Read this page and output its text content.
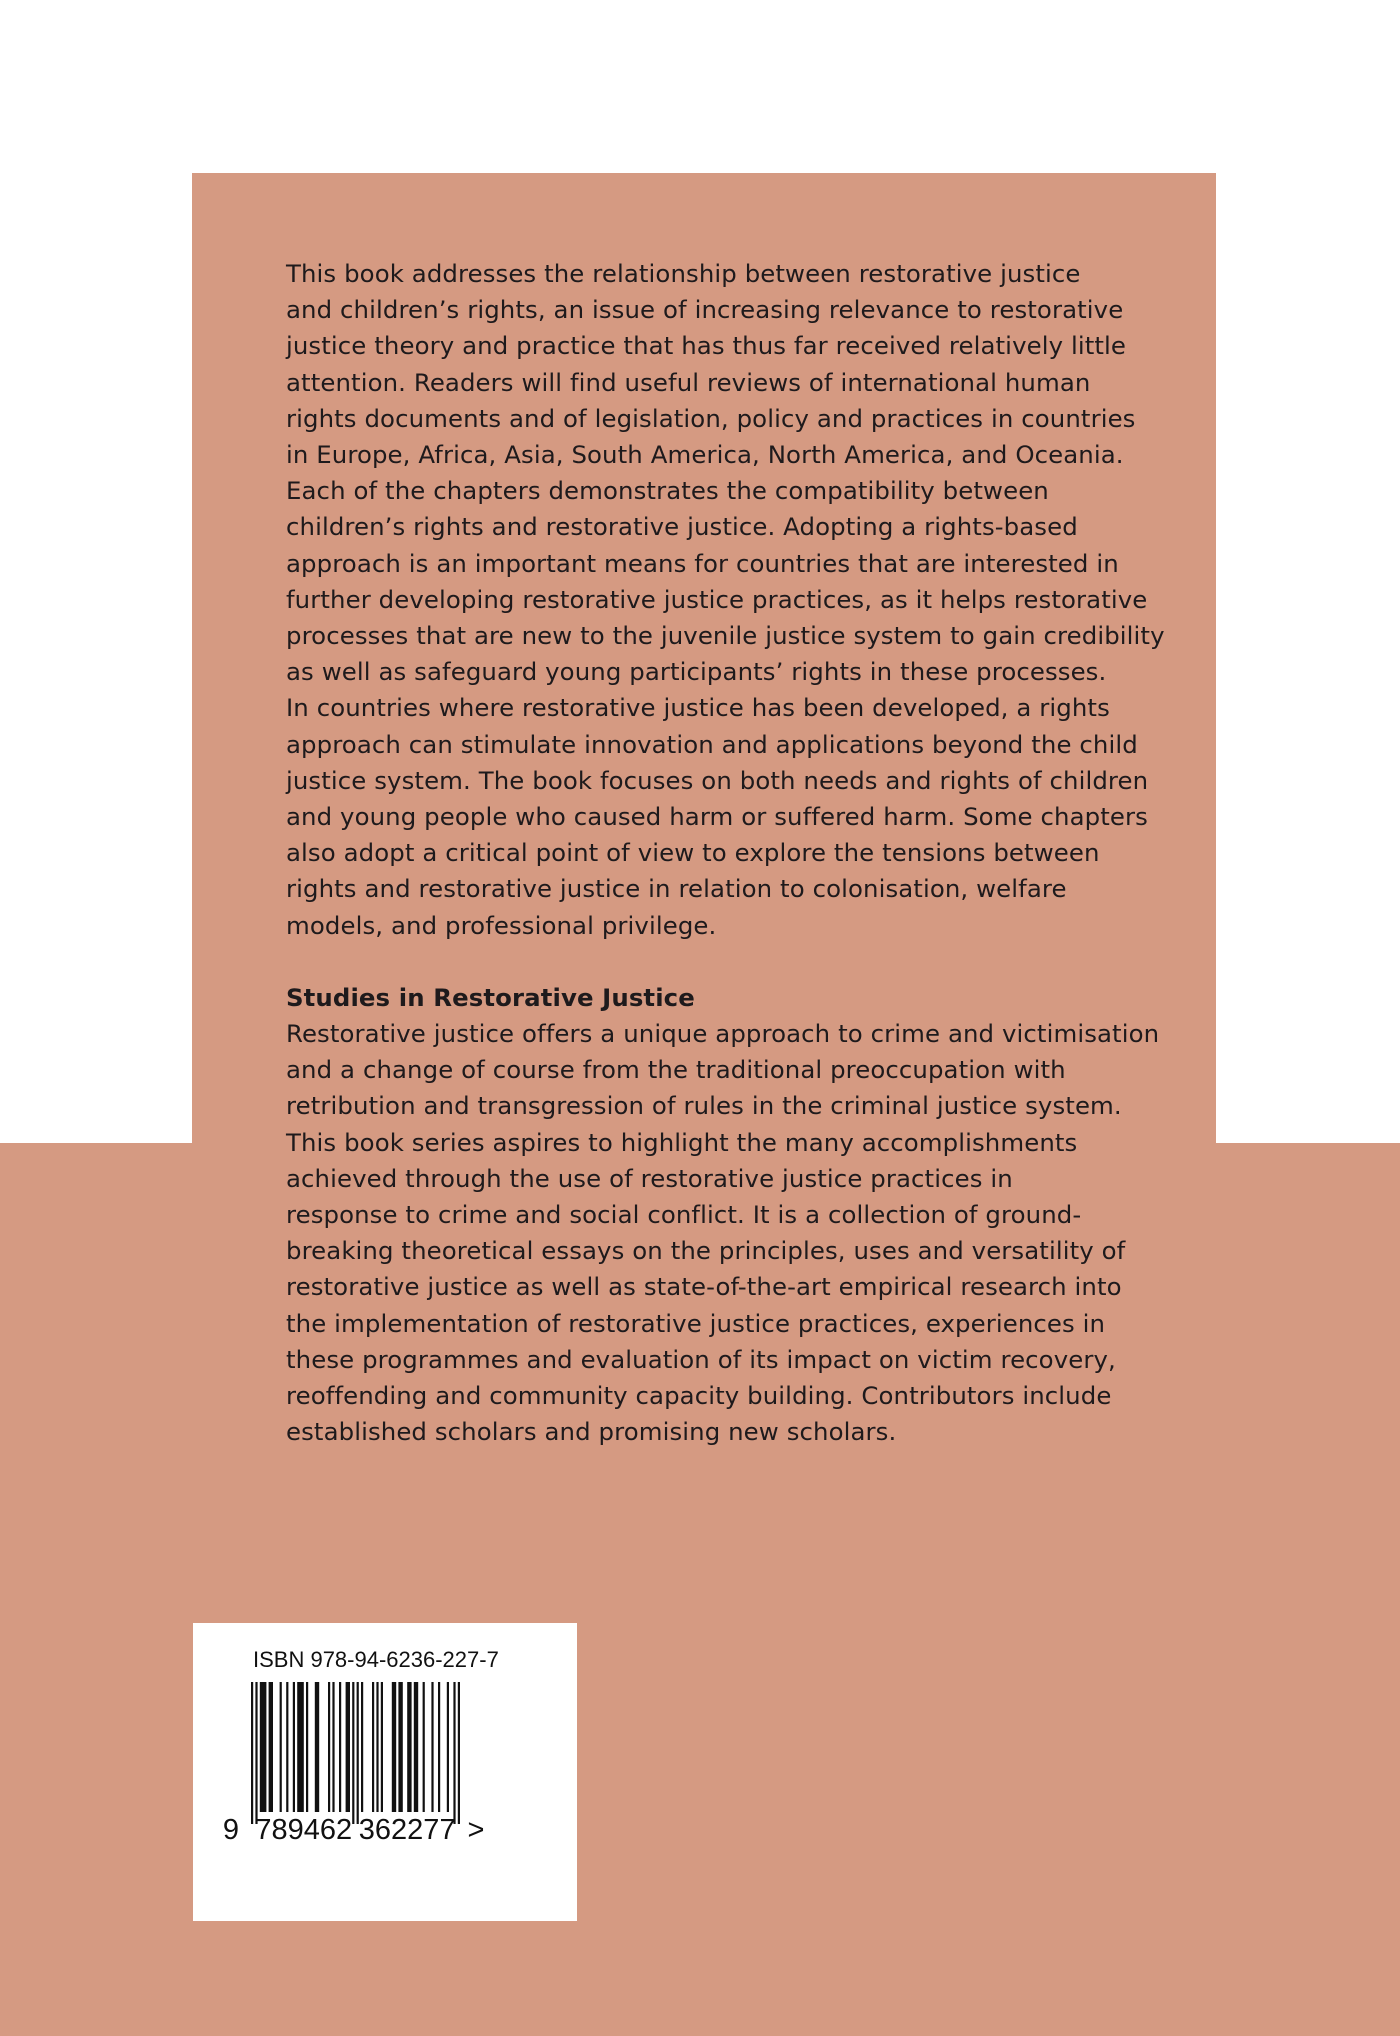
This book addresses the relationship between restorative justice
and children’s rights, an issue of increasing relevance to restorative
justice theory and practice that has thus far received relatively little
attention. Readers will find useful reviews of international human
rights documents and of legislation, policy and practices in countries
in Europe, Africa, Asia, South America, North America, and Oceania.
Each of the chapters demonstrates the compatibility between
children’s rights and restorative justice. Adopting a rights-based
approach is an important means for countries that are interested in
further developing restorative justice practices, as it helps restorative
processes that are new to the juvenile justice system to gain credibility
as well as safeguard young participants’ rights in these processes.
In countries where restorative justice has been developed, a rights
approach can stimulate innovation and applications beyond the child
justice system. The book focuses on both needs and rights of children
and young people who caused harm or suffered harm. Some chapters
also adopt a critical point of view to explore the tensions between
rights and restorative justice in relation to colonisation, welfare
models, and professional privilege.
Studies in Restorative Justice
Restorative justice offers a unique approach to crime and victimisation
and a change of course from the traditional preoccupation with
retribution and transgression of rules in the criminal justice system.
This book series aspires to highlight the many accomplishments
achieved through the use of restorative justice practices in
response to crime and social conflict. It is a collection of ground-
breaking theoretical essays on the principles, uses and versatility of
restorative justice as well as state-of-the-art empirical research into
the implementation of restorative justice practices, experiences in
these programmes and evaluation of its impact on victim recovery,
reoffending and community capacity building. Contributors include
established scholars and promising new scholars.
ISBN 978-94-6236-227-7
9 789462 362277 >
